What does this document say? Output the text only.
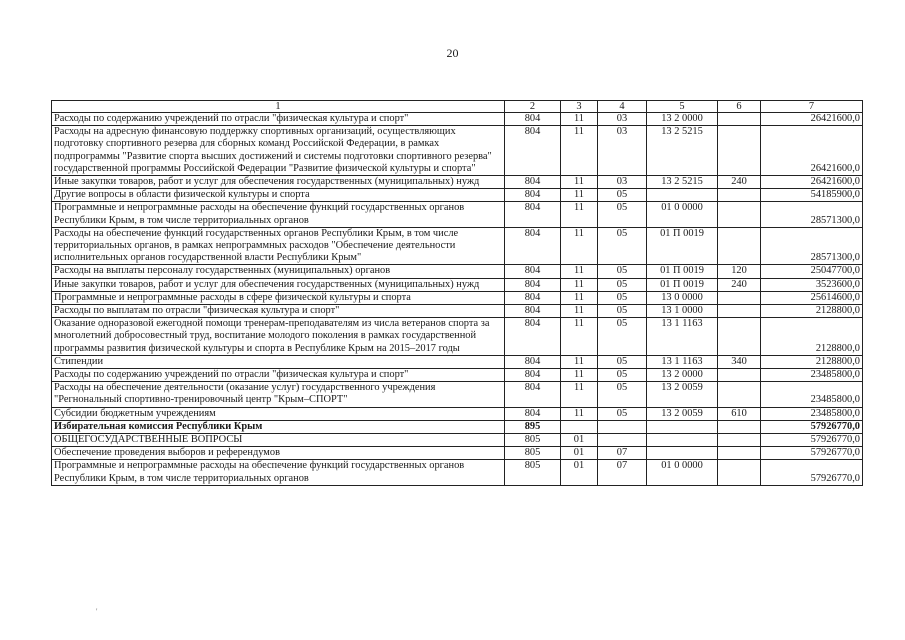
20
1	2	3	4	5	6	7
Расходы по содержанию учреждений по отрасли "физическая культура и спорт"	804	11	03	13 2 0000		26421600,0
Расходы на адресную финансовую поддержку спортивных организаций, осуществляющих подготовку спортивного резерва для сборных команд Российской Федерации, в рамках подпрограммы "Развитие спорта высших достижений и системы подготовки спортивного резерва" государственной программы Российской Федерации "Развитие физической культуры и спорта"	804	11	03	13 2 5215		26421600,0
Иные закупки товаров, работ и услуг для обеспечения государственных (муниципальных) нужд	804	11	03	13 2 5215	240	26421600,0
Другие вопросы в области физической культуры и спорта	804	11	05			54185900,0
Программные и непрограммные расходы на обеспечение функций государственных органов Республики Крым, в том числе территориальных органов	804	11	05	01 0 0000		28571300,0
Расходы на обеспечение функций государственных органов Республики Крым, в том числе территориальных органов, в рамках непрограммных расходов "Обеспечение деятельности исполнительных органов государственной власти Республики Крым"	804	11	05	01 П 0019		28571300,0
Расходы на выплаты персоналу государственных (муниципальных) органов	804	11	05	01 П 0019	120	25047700,0
Иные закупки товаров, работ и услуг для обеспечения государственных (муниципальных) нужд	804	11	05	01 П 0019	240	3523600,0
Программные и непрограммные расходы в сфере физической культуры и спорта	804	11	05	13 0 0000		25614600,0
Расходы по выплатам по отрасли "физическая культура и спорт"	804	11	05	13 1 0000		2128800,0
Оказание одноразовой ежегодной помощи тренерам-преподавателям из числа ветеранов спорта за многолетний добросовестный труд, воспитание молодого поколения в рамках государственной программы развития физической культуры и спорта в Республике Крым на 2015–2017 годы	804	11	05	13 1 1163		2128800,0
Стипендии	804	11	05	13 1 1163	340	2128800,0
Расходы по содержанию учреждений по отрасли "физическая культура и спорт"	804	11	05	13 2 0000		23485800,0
Расходы на обеспечение деятельности (оказание услуг) государственного учреждения "Регнональный спортивно-тренировочный центр "Крым–СПОРТ"	804	11	05	13 2 0059		23485800,0
Субсидии бюджетным учреждениям	804	11	05	13 2 0059	610	23485800,0
Избирательная комиссия Республики Крым	895					57926770,0
ОБЩЕГОСУДАРСТВЕННЫЕ ВОПРОСЫ	805	01				57926770,0
Обеспечение проведения выборов и референдумов	805	01	07			57926770,0
Программные и непрограммные расходы на обеспечение функций государственных органов Республики Крым, в том числе территориальных органов	805	01	07	01 0 0000		57926770,0
'
